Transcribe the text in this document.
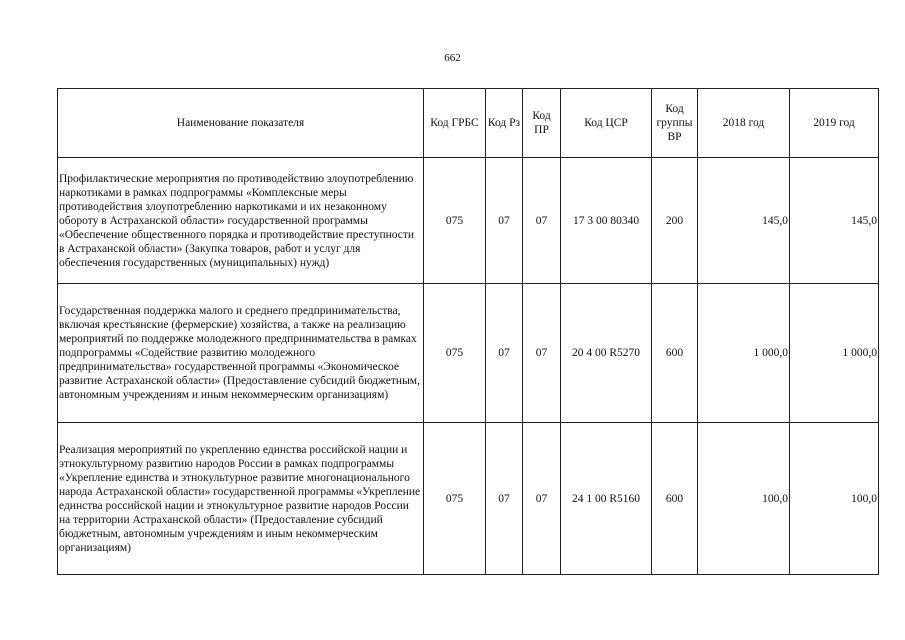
662
Наименование показателя	Код ГРБС	Код Рз	Код ПР	Код ЦСР	Код группы ВР	2018 год	2019 год
Профилактические мероприятия по противодействию злоупотреблению наркотиками в рамках подпрограммы «Комплексные меры противодействия злоупотреблению наркотиками и их незаконному обороту в Астраханской области» государственной программы «Обеспечение общественного порядка и противодействие преступности в Астраханской области» (Закупка товаров, работ и услуг для обеспечения государственных (муниципальных) нужд)	075	07	07	17 3 00 80340	200	145,0	145,0
Государственная поддержка малого и среднего предпринимательства, включая крестьянские (фермерские) хозяйства, а также на реализацию мероприятий по поддержке молодежного предпринимательства в рамках подпрограммы «Содействие развитию молодежного предпринимательства» государственной программы «Экономическое развитие Астраханской области» (Предоставление субсидий бюджетным, автономным учреждениям и иным некоммерческим организациям)	075	07	07	20 4 00 R5270	600	1 000,0	1 000,0
Реализация мероприятий по укреплению единства российской нации и этнокультурному развитию народов России в рамках подпрограммы «Укрепление единства и этнокультурное развитие многонационального народа Астраханской области» государственной программы «Укрепление единства российской нации и этнокультурное развитие народов России на территории Астраханской области» (Предоставление субсидий бюджетным, автономным учреждениям и иным некоммерческим организациям)	075	07	07	24 1 00 R5160	600	100,0	100,0
